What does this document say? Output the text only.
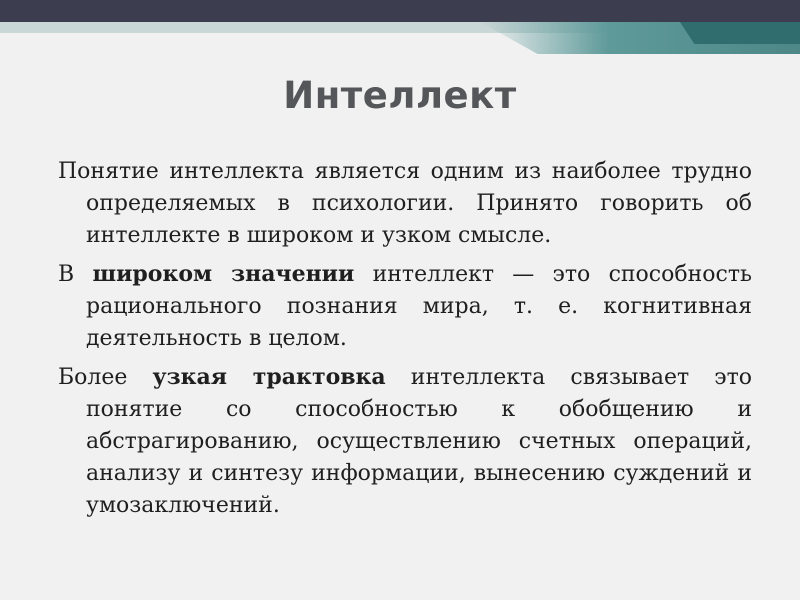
Интеллект

Понятие интеллекта является одним из наиболее трудно определяемых в психологии. Принято говорить об интеллекте в широком и узком смысле.

В широком значении интеллект — это способность рационального познания мира, т. е. когнитивная деятельность в целом.

Более узкая трактовка интеллекта связывает это понятие со способностью к обобщению и абстрагированию, осуществлению счетных операций, анализу и синтезу информации, вынесению суждений и умозаключений.
